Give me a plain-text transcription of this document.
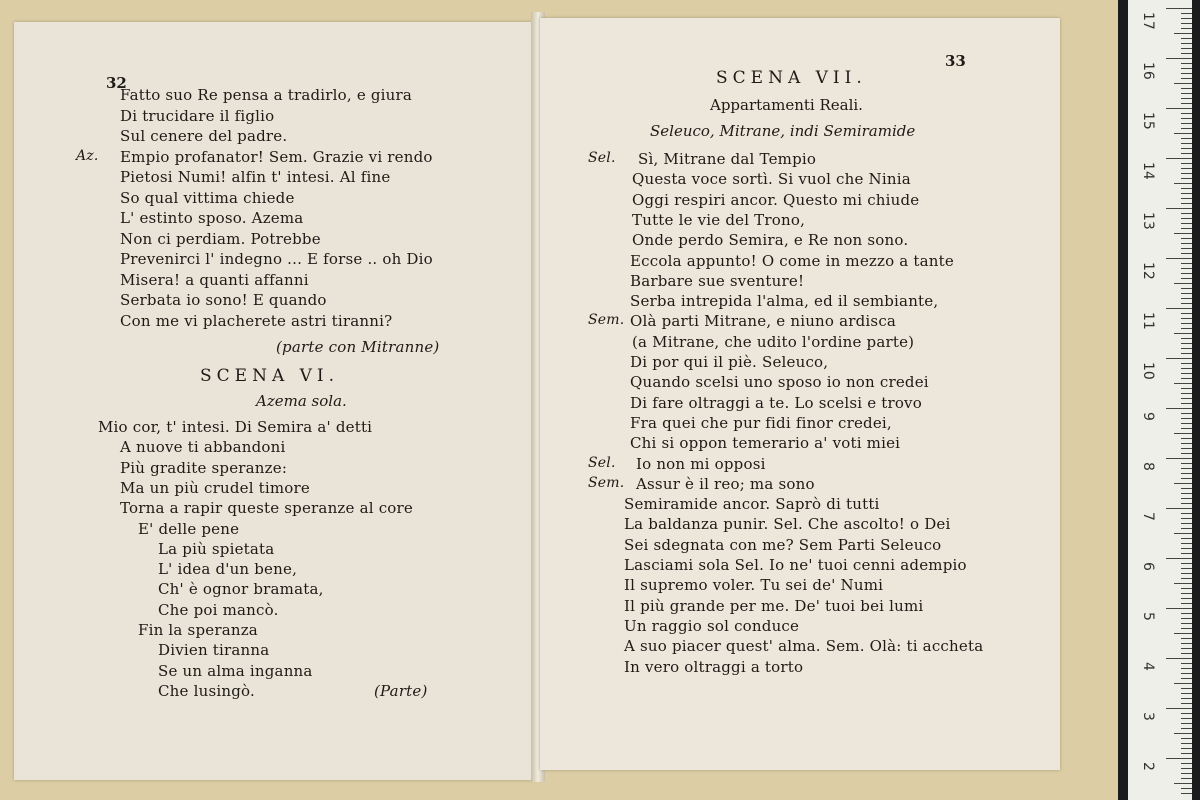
32
Fatto suo Re pensa a tradirlo, e giura
Di trucidare il figlio
Sul cenere del padre.
Az. Empio profanator! Sem. Grazie vi rendo
Pietosi Numi! alfin t' intesi. Al fine
So qual vittima chiede
L' estinto sposo. Azema
Non ci perdiam. Potrebbe
Prevenirci l' indegno ... E forse .. oh Dio
Misera! a quanti affanni
Serbata io sono! E quando
Con me vi placherete astri tiranni?
(parte con Mitranne)
SCENA VI.
Azema sola.
Mio cor, t' intesi. Di Semira a' detti
A nuove ti abbandoni
Più gradite speranze:
Ma un più crudel timore
Torna a rapir queste speranze al core
E' delle pene
La più spietata
L' idea d'un bene,
Ch' è ognor bramata,
Che poi mancò.
Fin la speranza
Divien tiranna
Se un alma inganna
Che lusingò.	(Parte)
33
SCENA VII.
Appartamenti Reali.
Seleuco, Mitrane, indi Semiramide
Sel. Sì, Mitrane dal Tempio
Questa voce sortì. Si vuol che Ninia
Oggi respiri ancor. Questo mi chiude
Tutte le vie del Trono,
Onde perdo Semira, e Re non sono.
Eccola appunto! O come in mezzo a tante
Barbare sue sventure!
Serba intrepida l'alma, ed il sembiante,
Sem. Olà parti Mitrane, e niuno ardisca
(a Mitrane, che udito l'ordine parte)
Di por qui il piè. Seleuco,
Quando scelsi uno sposo io non credei
Di fare oltraggi a te. Lo scelsi e trovo
Fra quei che pur fidi finor credei,
Chi si oppon temerario a' voti miei
Sel. Io non mi opposi
Sem. Assur è il reo; ma sono
Semiramide ancor. Saprò di tutti
La baldanza punir. Sel. Che ascolto! o Dei
Sei sdegnata con me? Sem Parti Seleuco
Lasciami sola Sel. Io ne' tuoi cenni adempio
Il supremo voler. Tu sei de' Numi
Il più grande per me. De' tuoi bei lumi
Un raggio sol conduce
A suo piacer quest' alma. Sem. Olà: ti accheta
In vero oltraggi a torto
17
16
15
14
13
12
11
10
9
8
7
6
5
4
3
2
